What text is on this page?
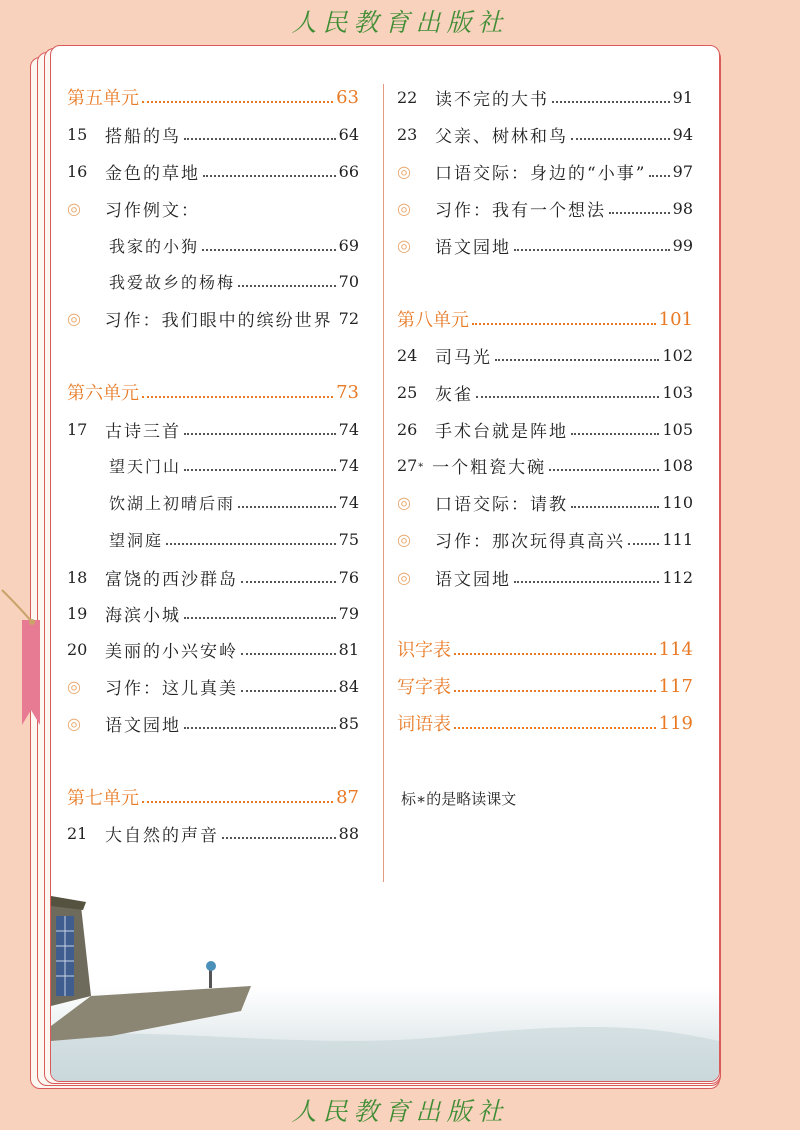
人民教育出版社
第五单元	63
15	搭船的鸟	64
16	金色的草地	66
◎	习作例文：
我家的小狗	69
我爱故乡的杨梅	70
◎	习作：我们眼中的缤纷世界 72
第六单元	73
17	古诗三首	74
望天门山	74
饮湖上初晴后雨	74
望洞庭	75
18	富饶的西沙群岛	76
19	海滨小城	79
20	美丽的小兴安岭	81
◎	习作：这儿真美	84
◎	语文园地	85
第七单元	87
21	大自然的声音	88
22	读不完的大书	91
23	父亲、树林和鸟	94
◎	口语交际：身边的“小事” 97
◎	习作：我有一个想法	98
◎	语文园地	99
第八单元	101
24	司马光	102
25	灰雀	103
26	手术台就是阵地	105
27 ∗ 一个粗瓷大碗	108
◎	口语交际：请教	110
◎	习作：那次玩得真高兴 111
◎	语文园地	112
识字表	114
写字表	117
词语表	119
标∗的是略读课文
人民教育出版社
